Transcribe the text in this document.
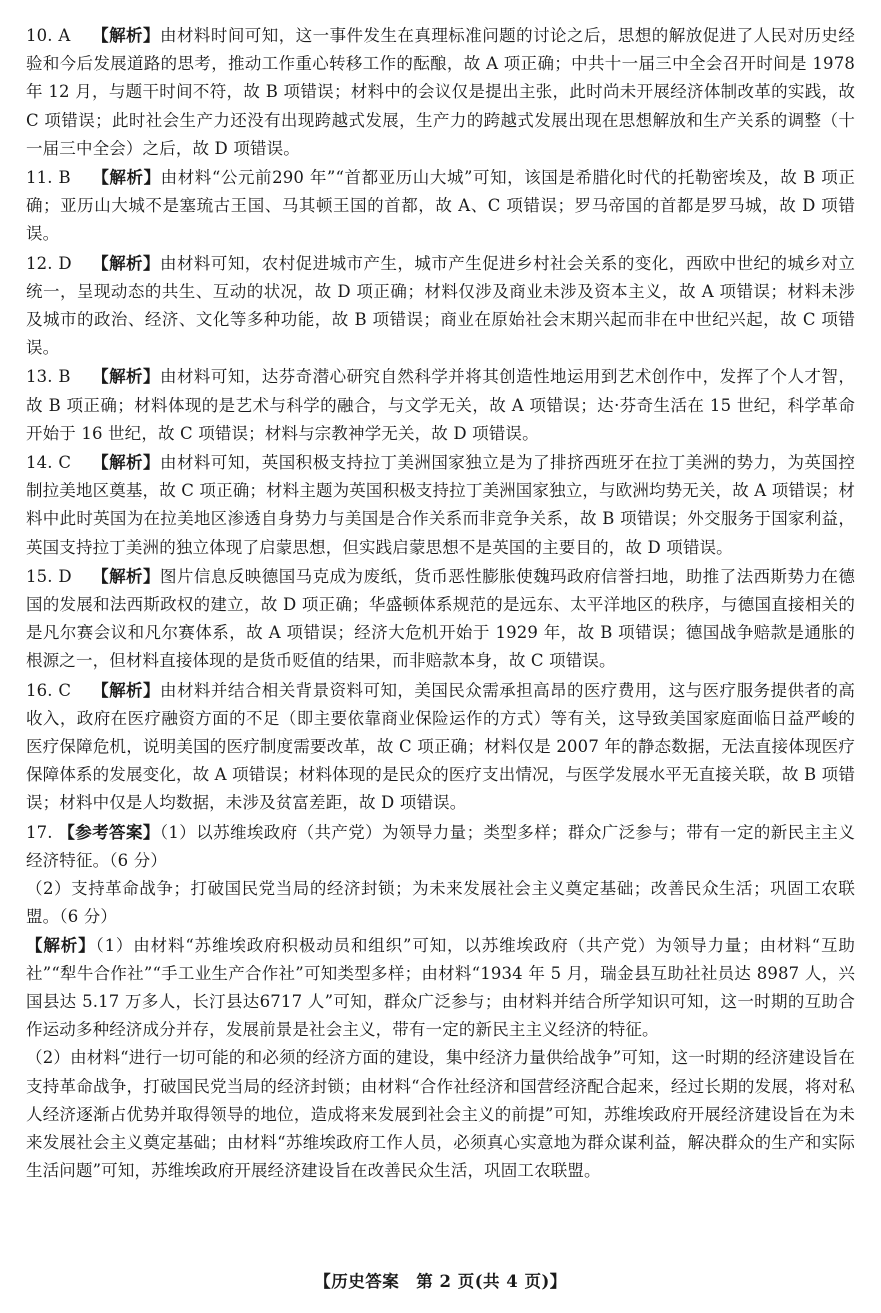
10. A 【解析】由材料时间可知，这一事件发生在真理标准问题的讨论之后，思想的解放促进了人民对历史经验和今后发展道路的思考，推动工作重心转移工作的酝酿，故 A 项正确；中共十一届三中全会召开时间是 1978 年 12 月，与题干时间不符，故 B 项错误；材料中的会议仅是提出主张，此时尚未开展经济体制改革的实践，故 C 项错误；此时社会生产力还没有出现跨越式发展，生产力的跨越式发展出现在思想解放和生产关系的调整（十一届三中全会）之后，故 D 项错误。
11. B 【解析】由材料“公元前290 年”“首都亚历山大城”可知，该国是希腊化时代的托勒密埃及，故 B 项正确；亚历山大城不是塞琉古王国、马其顿王国的首都，故 A、C 项错误；罗马帝国的首都是罗马城，故 D 项错误。
12. D 【解析】由材料可知，农村促进城市产生，城市产生促进乡村社会关系的变化，西欧中世纪的城乡对立统一，呈现动态的共生、互动的状况，故 D 项正确；材料仅涉及商业未涉及资本主义，故 A 项错误；材料未涉及城市的政治、经济、文化等多种功能，故 B 项错误；商业在原始社会末期兴起而非在中世纪兴起，故 C 项错误。
13. B 【解析】由材料可知，达芬奇潜心研究自然科学并将其创造性地运用到艺术创作中，发挥了个人才智，故 B 项正确；材料体现的是艺术与科学的融合，与文学无关，故 A 项错误；达·芬奇生活在 15 世纪，科学革命开始于 16 世纪，故 C 项错误；材料与宗教神学无关，故 D 项错误。
14. C 【解析】由材料可知，英国积极支持拉丁美洲国家独立是为了排挤西班牙在拉丁美洲的势力，为英国控制拉美地区奠基，故 C 项正确；材料主题为英国积极支持拉丁美洲国家独立，与欧洲均势无关，故 A 项错误；材料中此时英国为在拉美地区渗透自身势力与美国是合作关系而非竞争关系，故 B 项错误；外交服务于国家利益，英国支持拉丁美洲的独立体现了启蒙思想，但实践启蒙思想不是英国的主要目的，故 D 项错误。
15. D 【解析】图片信息反映德国马克成为废纸，货币恶性膨胀使魏玛政府信誉扫地，助推了法西斯势力在德国的发展和法西斯政权的建立，故 D 项正确；华盛顿体系规范的是远东、太平洋地区的秩序，与德国直接相关的是凡尔赛会议和凡尔赛体系，故 A 项错误；经济大危机开始于 1929 年，故 B 项错误；德国战争赔款是通胀的根源之一，但材料直接体现的是货币贬值的结果，而非赔款本身，故 C 项错误。
16. C 【解析】由材料并结合相关背景资料可知，美国民众需承担高昂的医疗费用，这与医疗服务提供者的高收入，政府在医疗融资方面的不足（即主要依靠商业保险运作的方式）等有关，这导致美国家庭面临日益严峻的医疗保障危机，说明美国的医疗制度需要改革，故 C 项正确；材料仅是 2007 年的静态数据，无法直接体现医疗保障体系的发展变化，故 A 项错误；材料体现的是民众的医疗支出情况，与医学发展水平无直接关联，故 B 项错误；材料中仅是人均数据，未涉及贫富差距，故 D 项错误。
17. 【参考答案】（1）以苏维埃政府（共产党）为领导力量；类型多样；群众广泛参与；带有一定的新民主主义经济特征。（6 分）
（2）支持革命战争；打破国民党当局的经济封锁；为未来发展社会主义奠定基础；改善民众生活；巩固工农联盟。（6 分）
【解析】（1）由材料“苏维埃政府积极动员和组织”可知，以苏维埃政府（共产党）为领导力量；由材料“互助社”“犁牛合作社”“手工业生产合作社”可知类型多样；由材料“1934 年 5 月，瑞金县互助社社员达 8987 人，兴国县达 5.17 万多人，长汀县达6717 人”可知，群众广泛参与；由材料并结合所学知识可知，这一时期的互助合作运动多种经济成分并存，发展前景是社会主义，带有一定的新民主主义经济的特征。
（2）由材料“进行一切可能的和必须的经济方面的建设，集中经济力量供给战争”可知，这一时期的经济建设旨在支持革命战争，打破国民党当局的经济封锁；由材料“合作社经济和国营经济配合起来，经过长期的发展，将对私人经济逐渐占优势并取得领导的地位，造成将来发展到社会主义的前提”可知，苏维埃政府开展经济建设旨在为未来发展社会主义奠定基础；由材料“苏维埃政府工作人员，必须真心实意地为群众谋利益，解决群众的生产和实际生活问题”可知，苏维埃政府开展经济建设旨在改善民众生活，巩固工农联盟。
【历史答案　第 2 页(共 4 页)】
